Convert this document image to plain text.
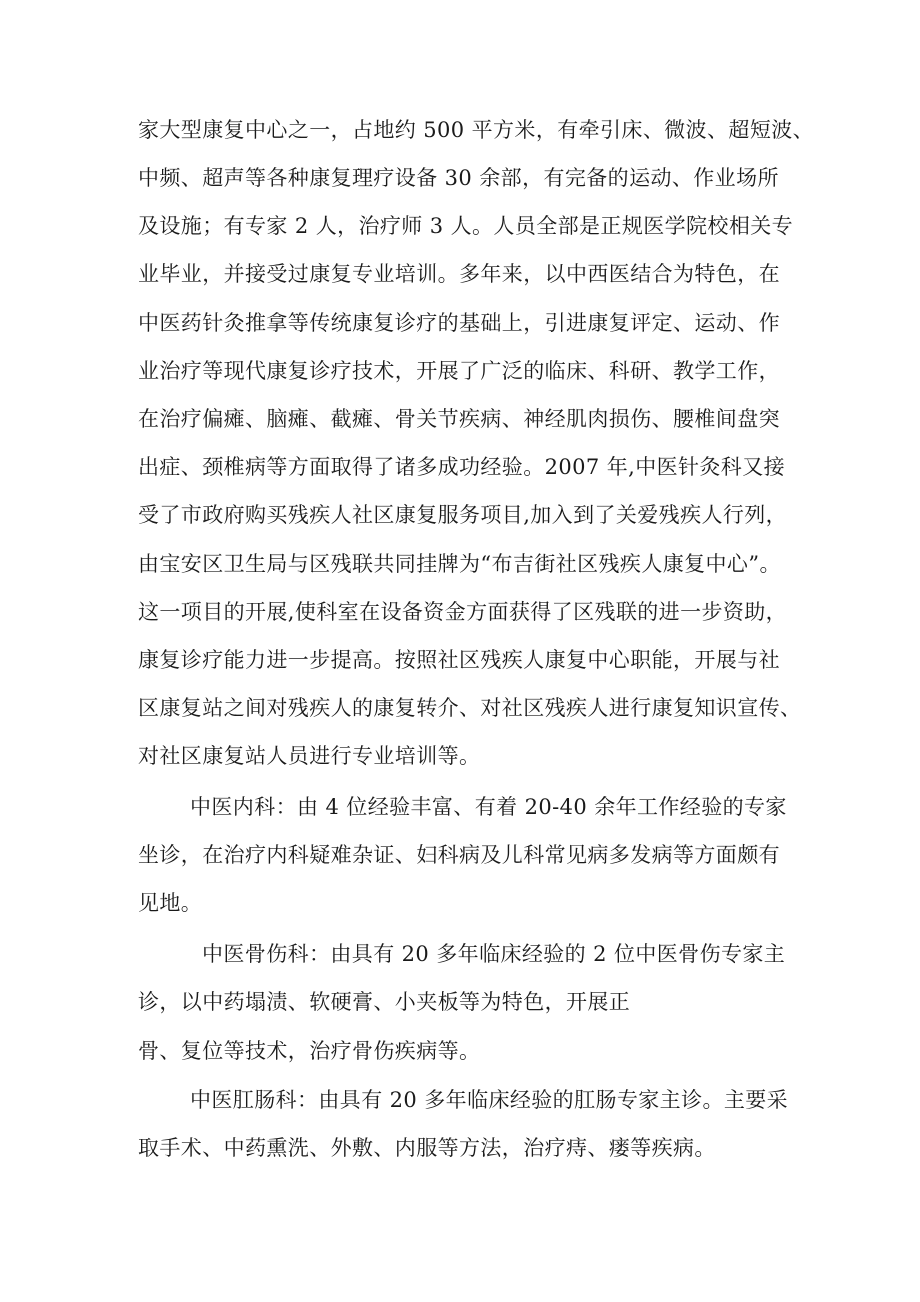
家大型康复中心之一，占地约 500 平方米，有牵引床、微波、超短波、

中频、超声等各种康复理疗设备 30 余部，有完备的运动、作业场所

及设施；有专家 2 人，治疗师 3 人。人员全部是正规医学院校相关专

业毕业，并接受过康复专业培训。多年来，以中西医结合为特色，在

中医药针灸推拿等传统康复诊疗的基础上，引进康复评定、运动、作

业治疗等现代康复诊疗技术，开展了广泛的临床、科研、教学工作，

在治疗偏瘫、脑瘫、截瘫、骨关节疾病、神经肌肉损伤、腰椎间盘突

出症、颈椎病等方面取得了诸多成功经验。2007 年,中医针灸科又接

受了市政府购买残疾人社区康复服务项目,加入到了关爱残疾人行列，

由宝安区卫生局与区残联共同挂牌为“布吉街社区残疾人康复中心”。

这一项目的开展,使科室在设备资金方面获得了区残联的进一步资助，

康复诊疗能力进一步提高。按照社区残疾人康复中心职能，开展与社

区康复站之间对残疾人的康复转介、对社区残疾人进行康复知识宣传、

对社区康复站人员进行专业培训等。

中医内科：由 4 位经验丰富、有着 20-40 余年工作经验的专家

坐诊，在治疗内科疑难杂证、妇科病及儿科常见病多发病等方面颇有

见地。

中医骨伤科：由具有 20 多年临床经验的 2 位中医骨伤专家主

诊，以中药塌渍、软硬膏、小夹板等为特色，开展正

骨、复位等技术，治疗骨伤疾病等。

中医肛肠科：由具有 20 多年临床经验的肛肠专家主诊。主要采

取手术、中药熏洗、外敷、内服等方法，治疗痔、瘘等疾病。
